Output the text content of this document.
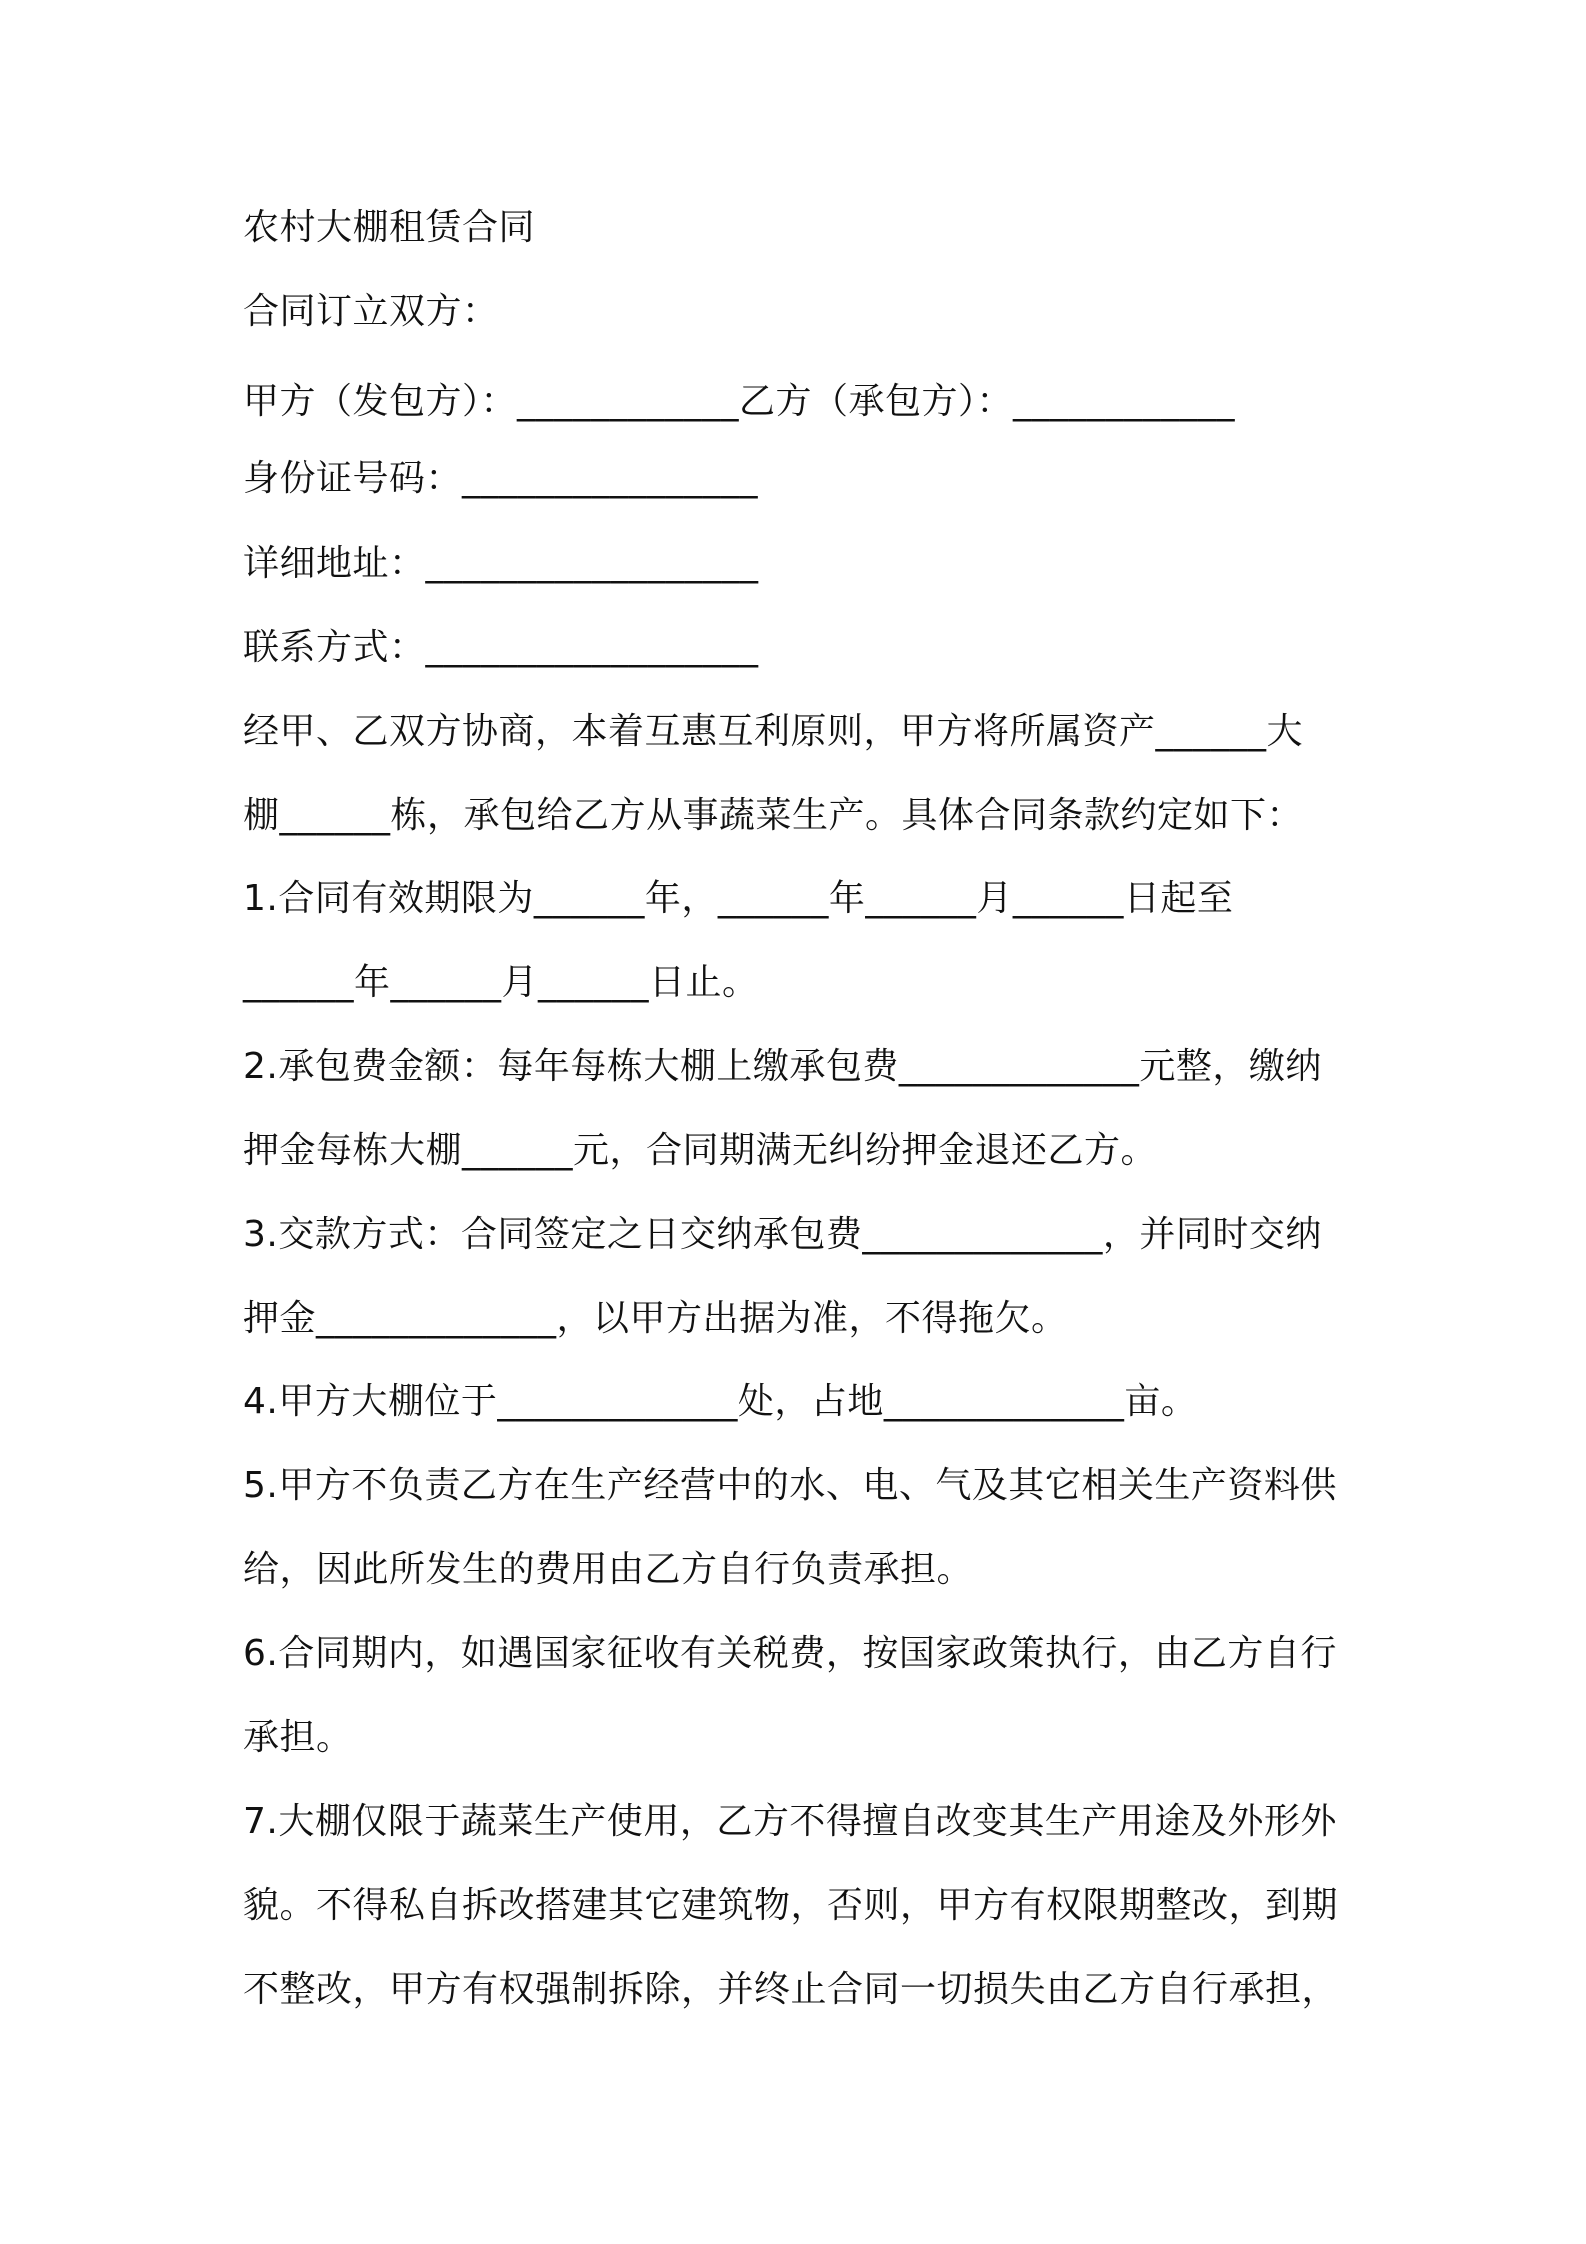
农村大棚租赁合同
合同订立双方：
甲方（发包方）：____________乙方（承包方）：____________
身份证号码：________________
详细地址：__________________
联系方式：__________________
经甲、乙双方协商，本着互惠互利原则，甲方将所属资产______大
棚______栋，承包给乙方从事蔬菜生产。具体合同条款约定如下：
1.合同有效期限为______年，______年______月______日起至
______年______月______日止。
2.承包费金额：每年每栋大棚上缴承包费_____________元整，缴纳
押金每栋大棚______元，合同期满无纠纷押金退还乙方。
3.交款方式：合同签定之日交纳承包费_____________，并同时交纳
押金_____________，以甲方出据为准，不得拖欠。
4.甲方大棚位于_____________处，占地_____________亩。
5.甲方不负责乙方在生产经营中的水、电、气及其它相关生产资料供
给，因此所发生的费用由乙方自行负责承担。
6.合同期内，如遇国家征收有关税费，按国家政策执行，由乙方自行
承担。
7.大棚仅限于蔬菜生产使用，乙方不得擅自改变其生产用途及外形外
貌。不得私自拆改搭建其它建筑物，否则，甲方有权限期整改，到期
不整改，甲方有权强制拆除，并终止合同一切损失由乙方自行承担，
